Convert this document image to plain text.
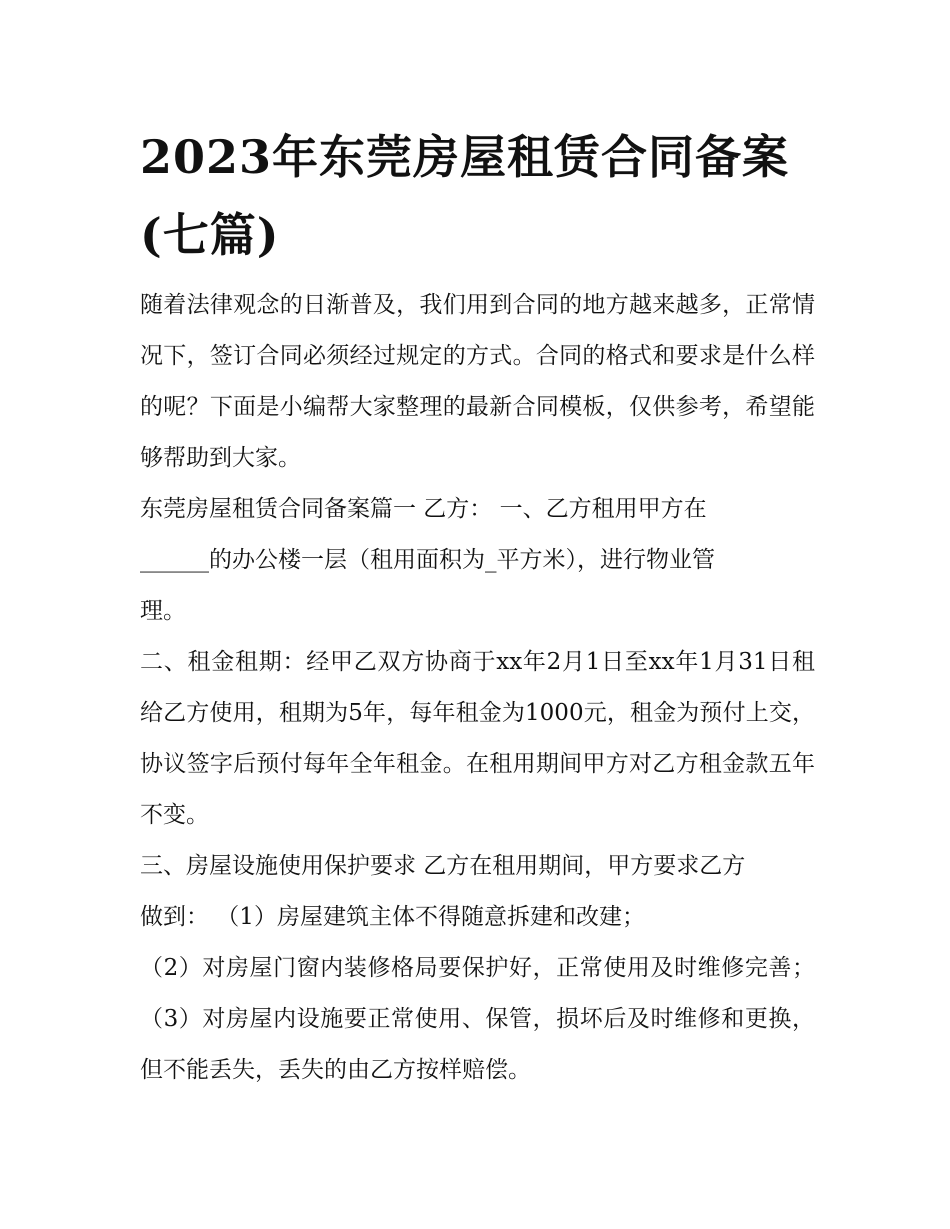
2023年东莞房屋租赁合同备案
(七篇)

随着法律观念的日渐普及，我们用到合同的地方越来越多，正常情况下，签订合同必须经过规定的方式。合同的格式和要求是什么样的呢？下面是小编帮大家整理的最新合同模板，仅供参考，希望能够帮助到大家。

东莞房屋租赁合同备案篇一 乙方： 一、乙方租用甲方在
______的办公楼一层（租用面积为_平方米），进行物业管
理。

二、租金租期：经甲乙双方协商于xx年2月1日至xx年1月31日租给乙方使用，租期为5年，每年租金为1000元，租金为预付上交，协议签字后预付每年全年租金。在租用期间甲方对乙方租金款五年不变。

三、房屋设施使用保护要求 乙方在租用期间，甲方要求乙方
做到： （1）房屋建筑主体不得随意拆建和改建；

（2）对房屋门窗内装修格局要保护好，正常使用及时维修完善； （3）对房屋内设施要正常使用、保管，损坏后及时维修和更换，但不能丢失，丢失的由乙方按样赔偿。
